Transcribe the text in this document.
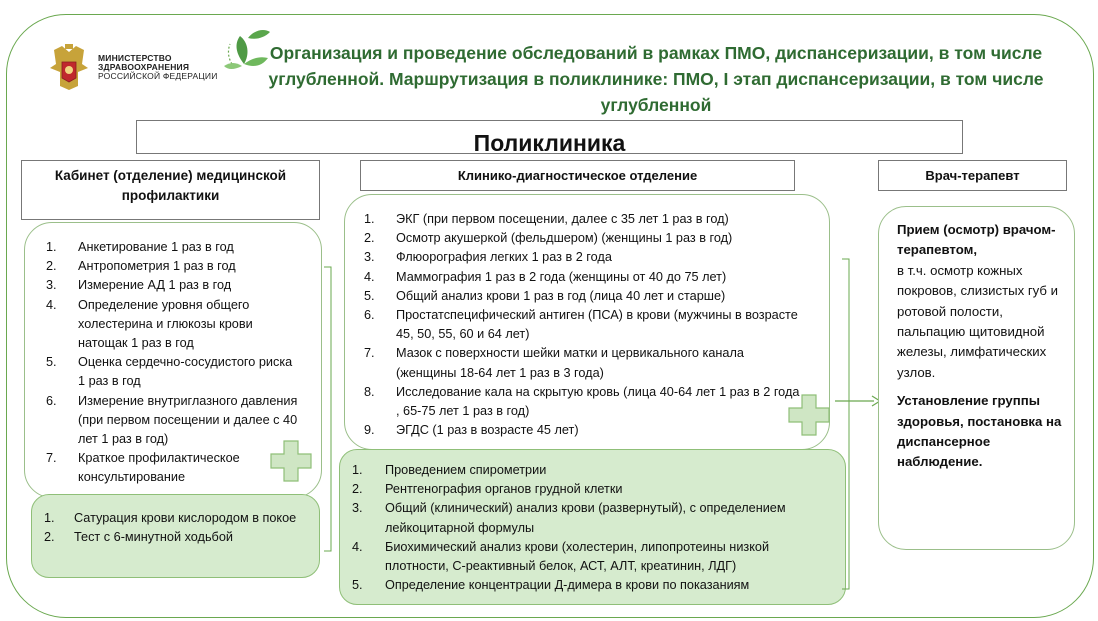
МИНИСТЕРСТВО
ЗДРАВООХРАНЕНИЯ
РОССИЙСКОЙ ФЕДЕРАЦИИ
Организация и проведение обследований в рамках ПМО, диспансеризации, в том числе
углубленной. Маршрутизация в поликлинике: ПМО, I этап диспансеризации, в том числе
углубленной
Поликлиника
Кабинет (отделение) медицинской профилактики
Клинико-диагностическое отделение	Врач-терапевт
1. Анкетирование 1 раз в год
2. Антропометрия 1 раз в год
3. Измерение АД 1 раз в год
4. Определение уровня общего холестерина и глюкозы крови натощак 1 раз в год
5. Оценка сердечно-сосудистого риска 1 раз в год
6. Измерение внутриглазного давления (при первом посещении и далее с 40 лет 1 раз в год)
7. Краткое профилактическое консультирование
1. Сатурация крови кислородом в покое
2. Тест с 6-минутной ходьбой
1. ЭКГ (при первом посещении, далее с 35 лет 1 раз в год)
2. Осмотр акушеркой (фельдшером) (женщины 1 раз в год)
3. Флюорография легких 1 раз в 2 года
4. Маммография 1 раз в 2 года (женщины от 40 до 75 лет)
5. Общий анализ крови 1 раз в год (лица 40 лет и старше)
6. Простатспецифический антиген (ПСА) в крови (мужчины в возрасте 45, 50, 55, 60 и 64 лет)
7. Мазок с поверхности шейки матки и цервикального канала (женщины 18-64 лет 1 раз в 3 года)
8. Исследование кала на скрытую кровь (лица 40-64 лет 1 раз в 2 года , 65-75 лет 1 раз в год)
9. ЭГДС (1 раз в возрасте 45 лет)
1. Проведением спирометрии
2. Рентгенография органов грудной клетки
3. Общий (клинический) анализ крови (развернутый), с определением лейкоцитарной формулы
4. Биохимический анализ крови (холестерин, липопротеины низкой плотности, С-реактивный белок, АСТ, АЛТ, креатинин, ЛДГ)
5. Определение концентрации Д-димера в крови по показаниям

Прием (осмотр) врачом-терапевтом,
в т.ч. осмотр кожных покровов, слизистых губ и ротовой полости, пальпацию щитовидной железы, лимфатических узлов.

Установление группы здоровья, постановка на диспансерное наблюдение.
